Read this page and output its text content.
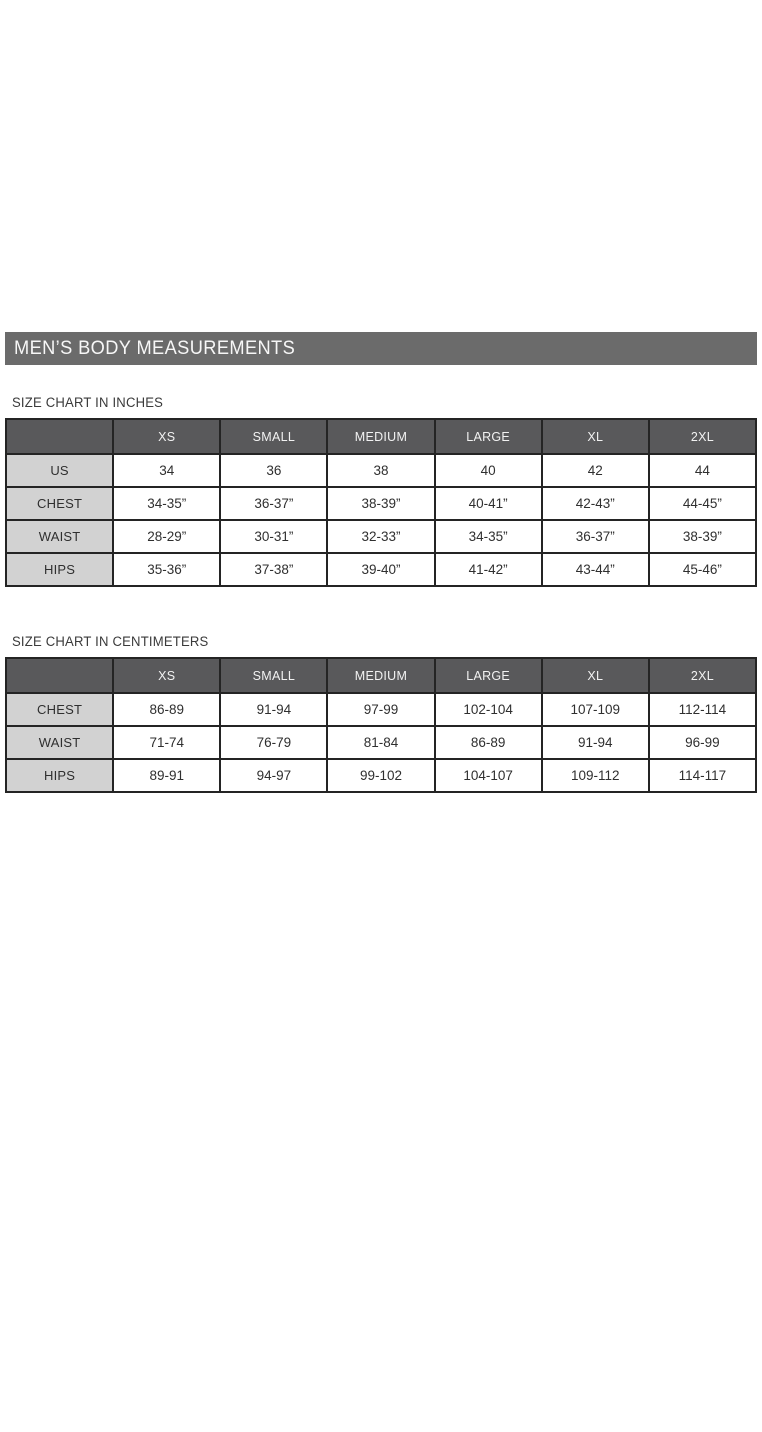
MEN’S BODY MEASUREMENTS
SIZE CHART IN INCHES
	XS	SMALL	MEDIUM	LARGE	XL	2XL
US	34	36	38	40	42	44
CHEST	34-35”	36-37”	38-39”	40-41”	42-43”	44-45”
WAIST	28-29”	30-31”	32-33”	34-35”	36-37”	38-39”
HIPS	35-36”	37-38”	39-40”	41-42”	43-44”	45-46”
SIZE CHART IN CENTIMETERS
	XS	SMALL	MEDIUM	LARGE	XL	2XL
CHEST	86-89	91-94	97-99	102-104	107-109	112-114
WAIST	71-74	76-79	81-84	86-89	91-94	96-99
HIPS	89-91	94-97	99-102	104-107	109-112	114-117
